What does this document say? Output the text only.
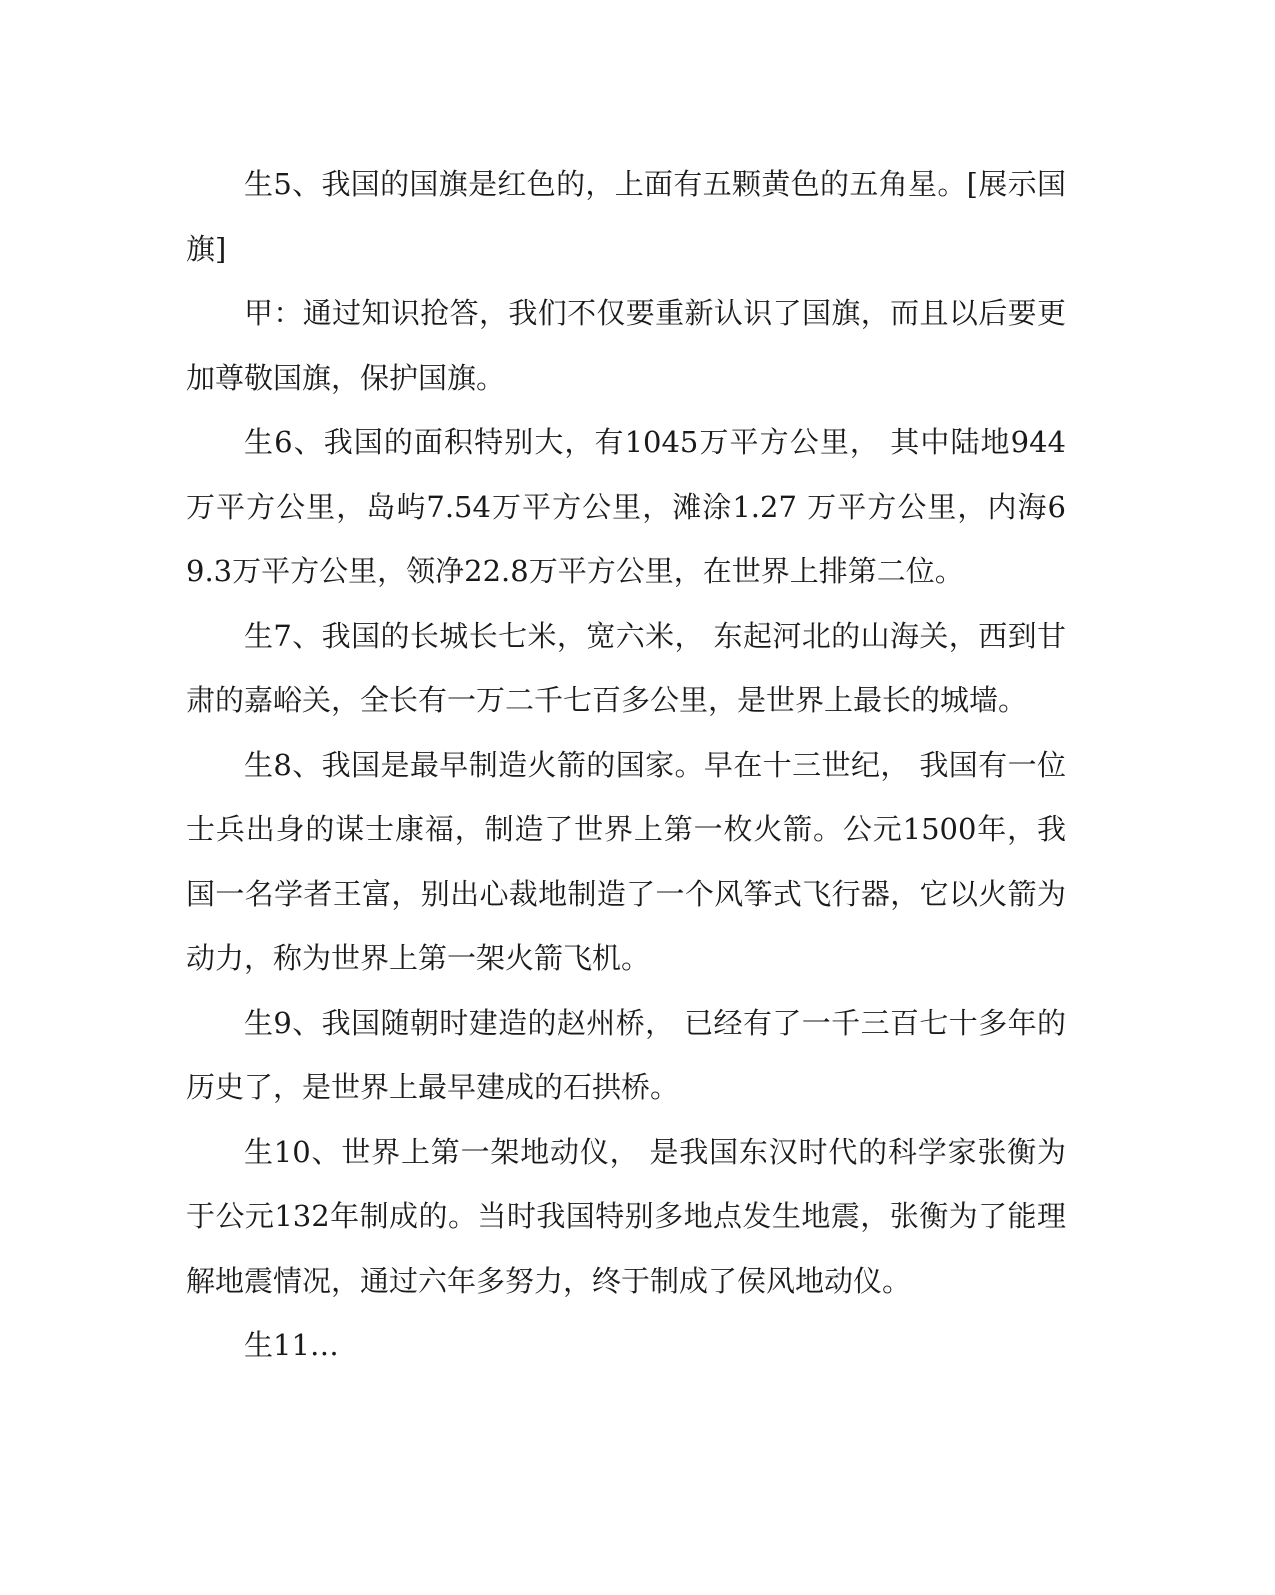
生5、我国的国旗是红色的，上面有五颗黄色的五角星。[展示国旗]

甲：通过知识抢答，我们不仅要重新认识了国旗，而且以后要更加尊敬国旗，保护国旗。

生6、我国的面积特别大，有1045万平方公里， 其中陆地944万平方公里，岛屿7.54万平方公里，滩涂1.27 万平方公里，内海69.3万平方公里，领净22.8万平方公里，在世界上排第二位。

生7、我国的长城长七米，宽六米， 东起河北的山海关，西到甘肃的嘉峪关，全长有一万二千七百多公里，是世界上最长的城墙。

生8、我国是最早制造火箭的国家。早在十三世纪， 我国有一位士兵出身的谋士康福，制造了世界上第一枚火箭。公元1500年，我国一名学者王富，别出心裁地制造了一个风筝式飞行器，它以火箭为动力，称为世界上第一架火箭飞机。

生9、我国随朝时建造的赵州桥， 已经有了一千三百七十多年的历史了，是世界上最早建成的石拱桥。

生10、世界上第一架地动仪， 是我国东汉时代的科学家张衡为于公元132年制成的。当时我国特别多地点发生地震，张衡为了能理解地震情况，通过六年多努力，终于制成了侯风地动仪。

生11…
